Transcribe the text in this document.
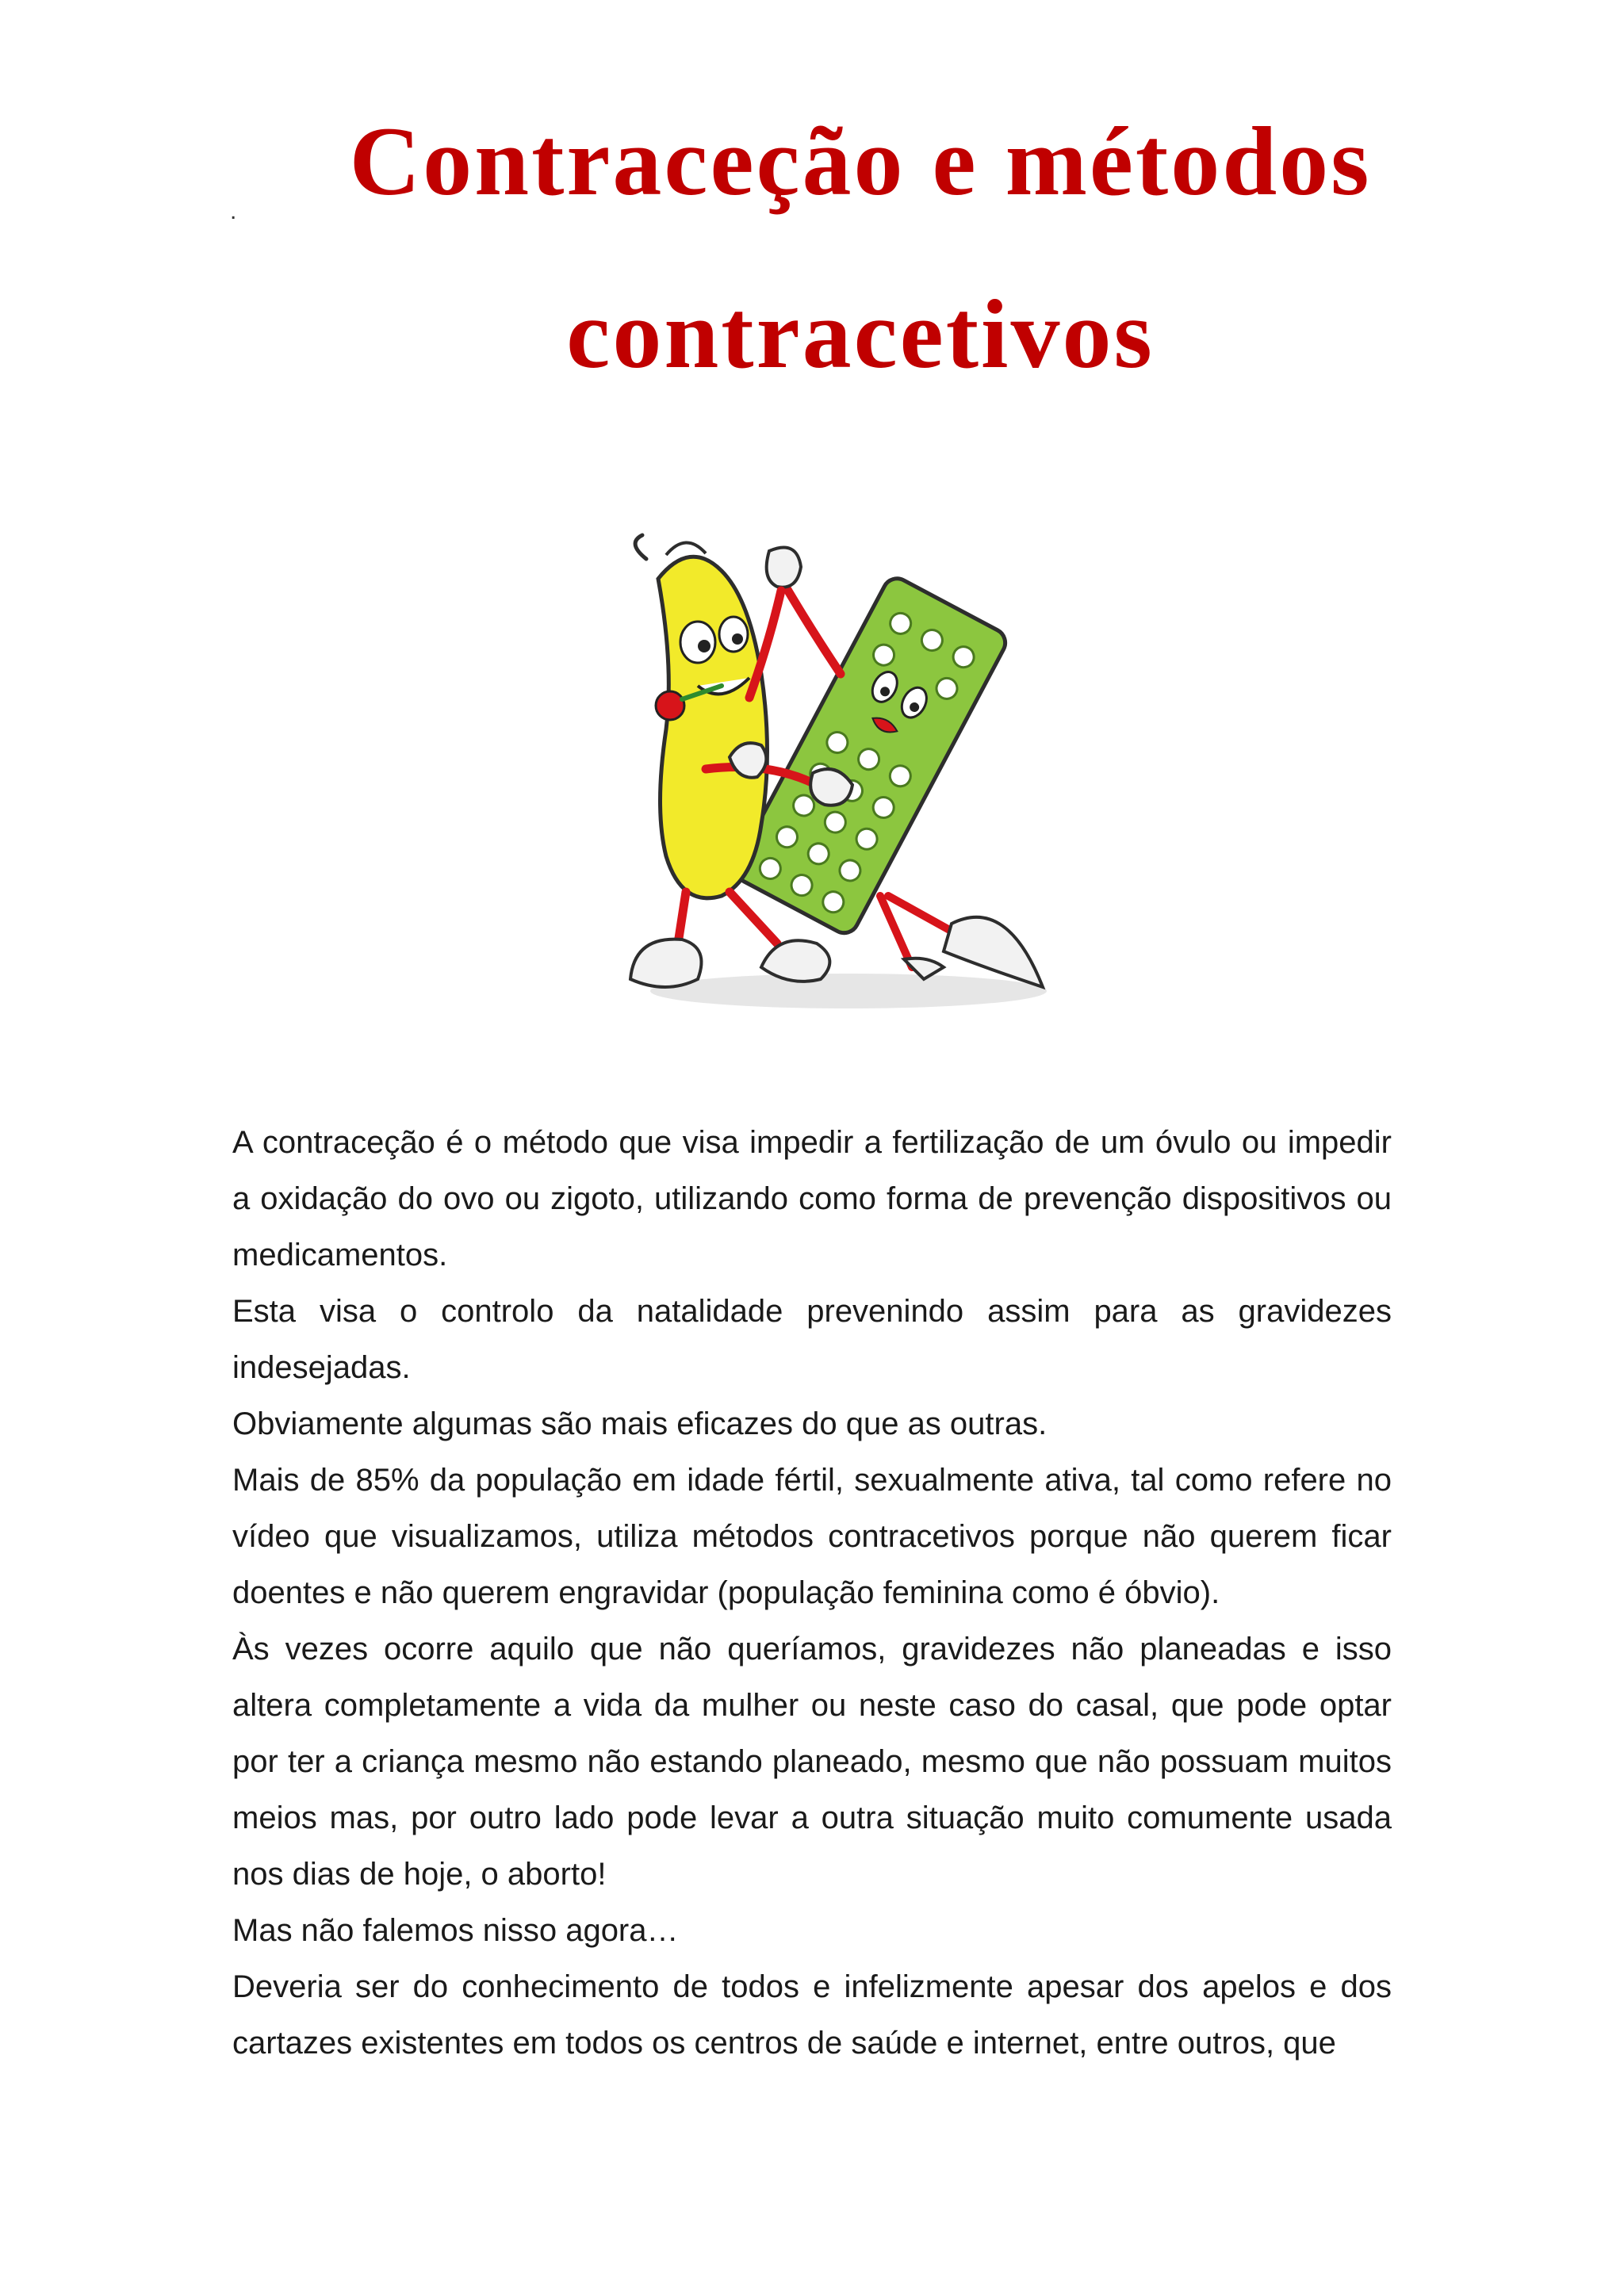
.	Contraceção e métodos
contracetivos

A contraceção é o método que visa impedir a fertilização de um óvulo ou impedir a oxidação do ovo ou zigoto, utilizando como forma de prevenção dispositivos ou medicamentos.

Esta visa o controlo da natalidade prevenindo assim para as gravidezes indesejadas.

Obviamente algumas são mais eficazes do que as outras.

Mais de 85% da população em idade fértil, sexualmente ativa, tal como refere no vídeo que visualizamos, utiliza métodos contracetivos porque não querem ficar doentes e não querem engravidar (população feminina como é óbvio).

Às vezes ocorre aquilo que não queríamos, gravidezes não planeadas e isso altera completamente a vida da mulher ou neste caso do casal, que pode optar por ter a criança mesmo não estando planeado, mesmo que não possuam muitos meios mas, por outro lado pode levar a outra situação muito comumente usada nos dias de hoje, o aborto!

Mas não falemos nisso agora…

Deveria ser do conhecimento de todos e infelizmente apesar dos apelos e dos cartazes existentes em todos os centros de saúde e internet, entre outros, que
